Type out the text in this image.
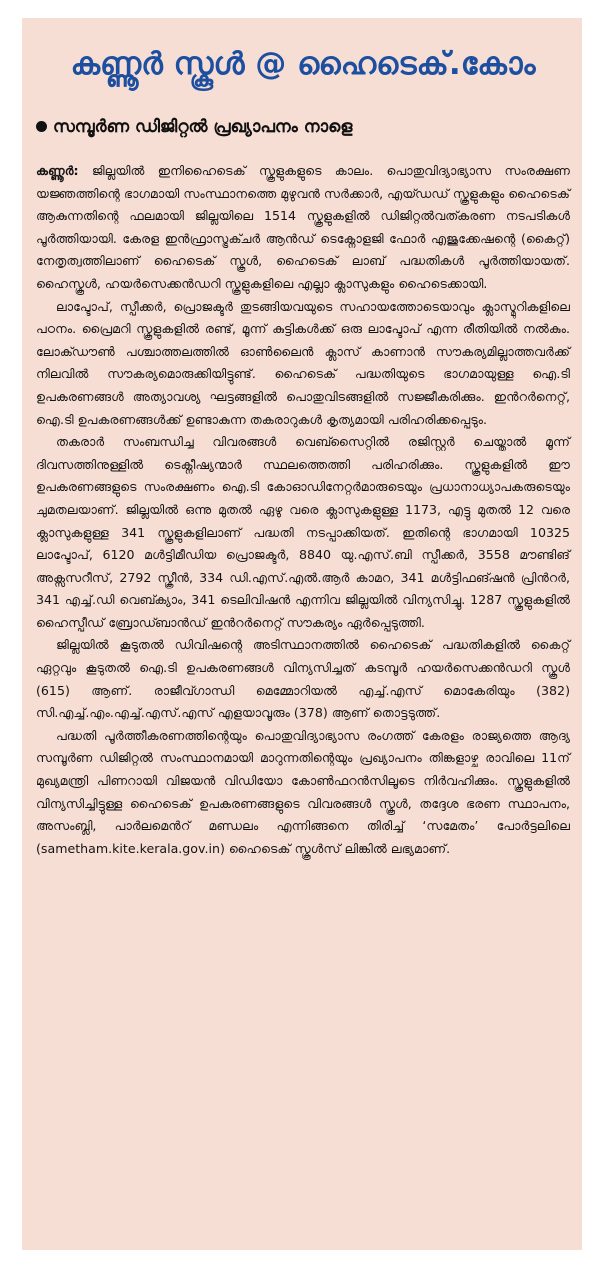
കണ്ണൂർ സ്കൂൾ @ ഹൈടെക്.കോം
സമ്പൂർണ ഡിജിറ്റൽ പ്രഖ്യാപനം നാളെ

കണ്ണൂർ: ജില്ലയിൽ ഇനിഹൈടെക് സ്കൂളുകളുടെ കാലം. പൊതുവിദ്യാഭ്യാസ സംരക്ഷണ യജ്ഞത്തിന്റെ ഭാഗമായി സംസ്ഥാനത്തെ മുഴുവൻ സർക്കാർ, എയ്ഡഡ് സ്കൂളുകളും ഹൈടെക് ആകുന്നതിന്റെ ഫലമായി ജില്ലയിലെ 1514 സ്കൂളുകളിൽ ഡിജിറ്റൽവത്കരണ നടപടികൾ പൂർത്തിയായി. കേരള ഇൻഫ്രാസ്ട്രക്ചർ ആൻഡ് ടെക്നോളജി ഫോർ എജുക്കേഷന്റെ (കൈറ്റ്) നേതൃത്വത്തിലാണ് ഹൈടെക് സ്കൂൾ, ഹൈടെക് ലാബ് പദ്ധതികൾ പൂർത്തിയായത്. ഹൈസ്കൂൾ, ഹയർസെക്കൻഡറി സ്കൂളുകളിലെ എല്ലാ ക്ലാസുകളും ഹൈടെക്കായി.

ലാപ്ടോപ്, സ്പീക്കർ, പ്രൊജക്ടർ തുടങ്ങിയവയുടെ സഹായത്തോടെയാവും ക്ലാസ്മുറികളിലെ പഠനം. പ്രൈമറി സ്കൂളുകളിൽ രണ്ട്, മൂന്ന് കുട്ടികൾക്ക് ഒരു ലാപ്ടോപ് എന്ന രീതിയിൽ നൽകും. ലോക്ഡൗൺ പശ്ചാത്തലത്തിൽ ഓൺലൈൻ ക്ലാസ് കാണാൻ സൗകര്യമില്ലാത്തവർക്ക് നിലവിൽ സൗകര്യമൊരുക്കിയിട്ടുണ്ട്. ഹൈടെക് പദ്ധതിയുടെ ഭാഗമായുള്ള ഐ.ടി ഉപകരണങ്ങൾ അത്യാവശ്യ ഘട്ടങ്ങളിൽ പൊതുവിടങ്ങളിൽ സജ്ജീകരിക്കും. ഇൻറർനെറ്റ്, ഐ.ടി ഉപകരണങ്ങൾക്ക് ഉണ്ടാകുന്ന തകരാറുകൾ കൃത്യമായി പരിഹരിക്കപ്പെടും.

തകരാർ സംബന്ധിച്ച വിവരങ്ങൾ വെബ്സൈറ്റിൽ രജിസ്റ്റർ ചെയ്താൽ മൂന്ന് ദിവസത്തിനുള്ളിൽ ടെക്നീഷ്യന്മാർ സ്ഥലത്തെത്തി പരിഹരിക്കും. സ്കൂളുകളിൽ ഈ ഉപകരണങ്ങളുടെ സംരക്ഷണം ഐ.ടി കോഓഡിനേറ്റർമാരുടെയും പ്രധാനാധ്യാപകരുടെയും ചുമതലയാണ്. ജില്ലയിൽ ഒന്നു മുതൽ ഏഴു വരെ ക്ലാസുകളുള്ള 1173, എട്ടു മുതൽ 12 വരെ ക്ലാസുകളുള്ള 341 സ്കൂളുകളിലാണ് പദ്ധതി നടപ്പാക്കിയത്. ഇതിന്റെ ഭാഗമായി 10325 ലാപ്ടോപ്, 6120 മൾട്ടിമീഡിയ പ്രൊജക്ടർ, 8840 യു.എസ്.ബി സ്പീക്കർ, 3558 മൗണ്ടിങ് അക്സസറീസ്, 2792 സ്ക്രീൻ, 334 ഡി.എസ്.എൽ.ആർ കാമറ, 341 മൾട്ടിഫങ്ഷൻ പ്രിൻറർ, 341 എച്ച്.ഡി വെബ്ക്യാം, 341 ടെലിവിഷൻ എന്നിവ ജില്ലയിൽ വിന്യസിച്ചു. 1287 സ്കൂളുകളിൽ ഹൈസ്പീഡ് ബ്രോഡ്ബാൻഡ് ഇൻറർനെറ്റ് സൗകര്യം ഏർപ്പെടുത്തി.

ജില്ലയിൽ കൂടുതൽ ഡിവിഷന്റെ അടിസ്ഥാനത്തിൽ ഹൈടെക് പദ്ധതികളിൽ കൈറ്റ് ഏറ്റവും കൂടുതൽ ഐ.ടി ഉപകരണങ്ങൾ വിന്യസിച്ചത് കടമ്പൂർ ഹയർസെക്കൻഡറി സ്കൂൾ (615) ആണ്. രാജീവ്ഗാന്ധി മെമ്മോറിയൽ എച്ച്.എസ് മൊകേരിയും (382) സി.എച്ച്.എം.എച്ച്.എസ്.എസ് എളയാവൂരും (378) ആണ് തൊട്ടടുത്ത്.

പദ്ധതി പൂർത്തീകരണത്തിന്റെയും പൊതുവിദ്യാഭ്യാസ രംഗത്ത് കേരളം രാജ്യത്തെ ആദ്യ സമ്പൂർണ ഡിജിറ്റൽ സംസ്ഥാനമായി മാറുന്നതിന്റെയും പ്രഖ്യാപനം തിങ്കളാഴ്ച രാവിലെ 11ന് മുഖ്യമന്ത്രി പിണറായി വിജയൻ വിഡിയോ കോൺഫറൻസിലൂടെ നിർവഹിക്കും. സ്കൂളുകളിൽ വിന്യസിച്ചിട്ടുള്ള ഹൈടെക് ഉപകരണങ്ങളുടെ വിവരങ്ങൾ സ്കൂൾ, തദ്ദേശ ഭരണ സ്ഥാപനം, അസംബ്ലി, പാർലമെൻറ് മണ്ഡലം എന്നിങ്ങനെ തിരിച്ച് ‘സമേതം’ പോർട്ടലിലെ (sametham.kite.kerala.gov.in) ഹൈടെക് സ്കൂൾസ് ലിങ്കിൽ ലഭ്യമാണ്.
